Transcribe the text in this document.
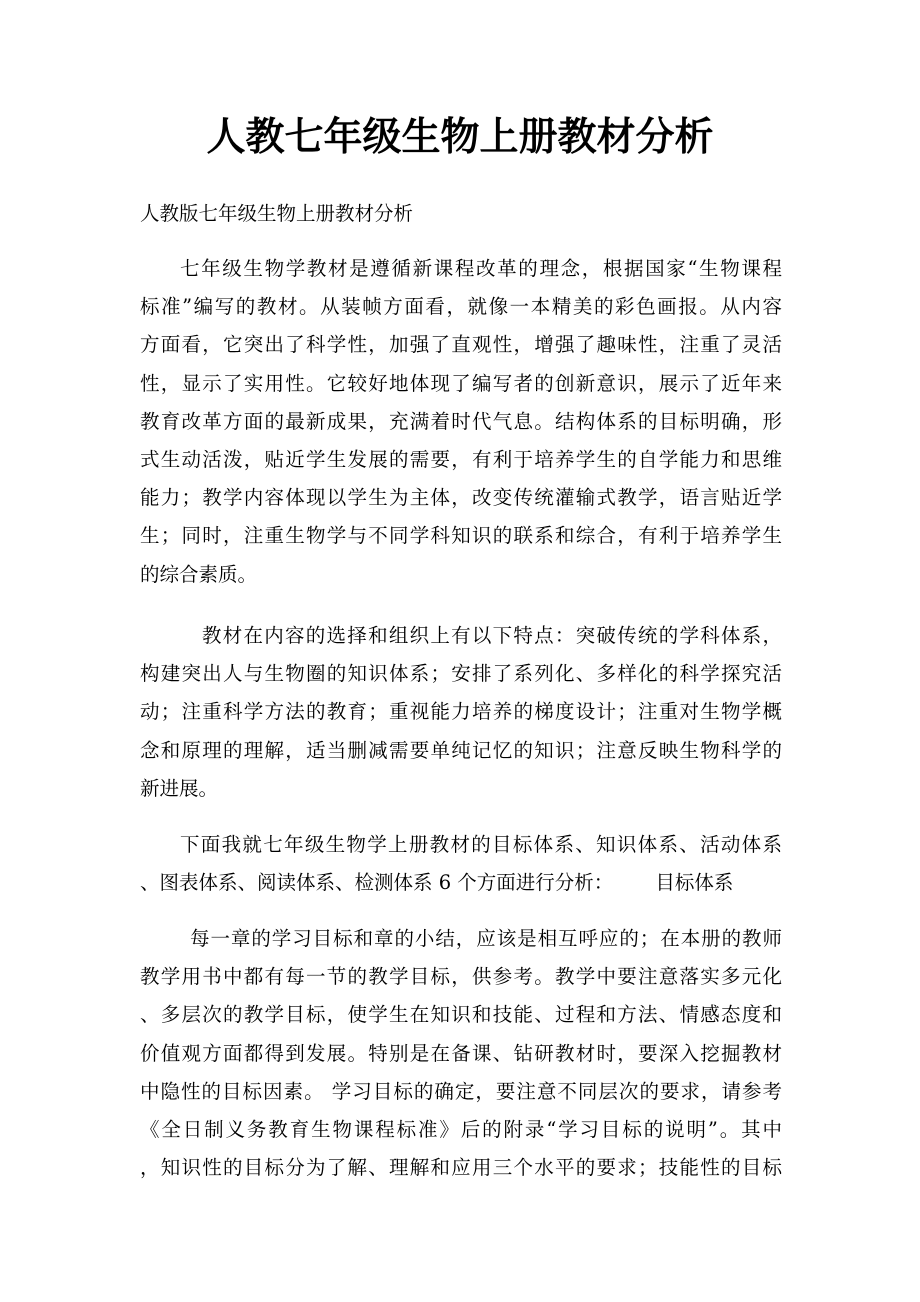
人教七年级生物上册教材分析

人教版七年级生物上册教材分析

七年级生物学教材是遵循新课程改革的理念，根据国家“生物课程
标准”编写的教材。从装帧方面看，就像一本精美的彩色画报。从内容
方面看，它突出了科学性，加强了直观性，增强了趣味性，注重了灵活
性，显示了实用性。它较好地体现了编写者的创新意识，展示了近年来
教育改革方面的最新成果，充满着时代气息。结构体系的目标明确，形
式生动活泼，贴近学生发展的需要，有利于培养学生的自学能力和思维
能力；教学内容体现以学生为主体，改变传统灌输式教学，语言贴近学
生；同时，注重生物学与不同学科知识的联系和综合，有利于培养学生
的综合素质。
教材在内容的选择和组织上有以下特点：突破传统的学科体系，
构建突出人与生物圈的知识体系；安排了系列化、多样化的科学探究活
动；注重科学方法的教育；重视能力培养的梯度设计；注重对生物学概
念和原理的理解，适当删减需要单纯记忆的知识；注意反映生物科学的
新进展。
下面我就七年级生物学上册教材的目标体系、知识体系、活动体系
、图表体系、阅读体系、检测体系 6 个方面进行分析： 目标体系
每一章的学习目标和章的小结，应该是相互呼应的；在本册的教师
教学用书中都有每一节的教学目标，供参考。教学中要注意落实多元化
、多层次的教学目标，使学生在知识和技能、过程和方法、情感态度和
价值观方面都得到发展。特别是在备课、钻研教材时，要深入挖掘教材
中隐性的目标因素。 学习目标的确定，要注意不同层次的要求，请参考
《全日制义务教育生物课程标准》后的附录“学习目标的说明”。其中
，知识性的目标分为了解、理解和应用三个水平的要求；技能性的目标
